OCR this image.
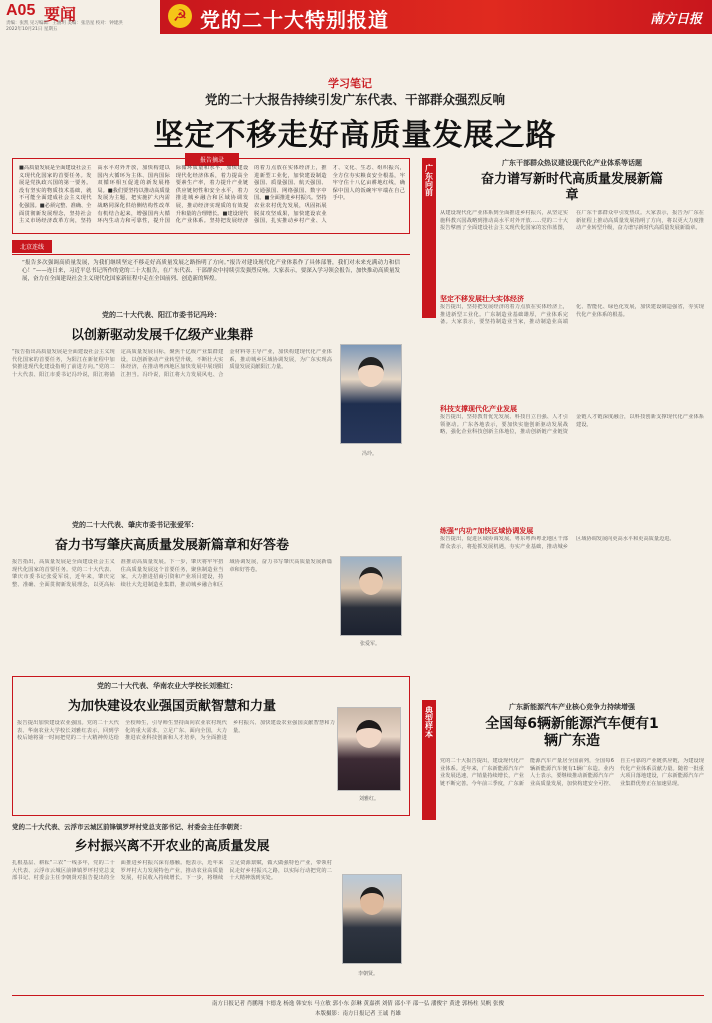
A05 要闻
责编：张凯 见习编辑：王涵玥 美编：张浩星 校对：钟建洪
2022年10月21日 星期五
☭ 党的二十大特别报道	南方日报
学习笔记
党的二十大报告持续引发广东代表、干部群众强烈反响
坚定不移走好高质量发展之路
报告摘录
■高质量发展是全面建设社会主义现代化国家的首要任务。发展是党执政兴国的第一要务。没有坚实的物质技术基础，就不可能全面建成社会主义现代化强国。■必须完整、准确、全面贯彻新发展理念，坚持社会主义市场经济改革方向，坚持高水平对外开放，加快构建以国内大循环为主体、国内国际双循环相互促进的新发展格局。■我们要坚持以推动高质量发展为主题，把实施扩大内需战略同深化供给侧结构性改革有机结合起来，增强国内大循环内生动力和可靠性，提升国际循环质量和水平，加快建设现代化经济体系，着力提高全要素生产率，着力提升产业链供应链韧性和安全水平，着力推进城乡融合和区域协调发展，推动经济实现质的有效提升和量的合理增长。■建设现代化产业体系。坚持把发展经济的着力点放在实体经济上，推进新型工业化，加快建设制造强国、质量强国、航天强国、交通强国、网络强国、数字中国。■全面推进乡村振兴。坚持农业农村优先发展，巩固拓展脱贫攻坚成果，加快建设农业强国，扎实推动乡村产业、人才、文化、生态、组织振兴，全方位夯实粮食安全根基，牢牢守住十八亿亩耕地红线，确保中国人的饭碗牢牢端在自己手中。
广东向前
广东干部群众热议建设现代化产业体系等话题
奋力谱写新时代高质量发展新篇章
从建设现代化产业体系到全面推进乡村振兴，从坚定实施科教兴国战略到推动高水平对外开放……党的二十大报告擘画了全面建设社会主义现代化国家的宏伟蓝图，在广东干部群众中引发热议。大家表示，报告为广东在新征程上推动高质量发展指明了方向，将以更大力度推动产业转型升级，奋力谱写新时代高质量发展新篇章。
坚定不移发展壮大实体经济
报告提出，坚持把发展经济的着力点放在实体经济上，推进新型工业化。广东制造业基础雄厚，产业体系完备。大家表示，要坚持制造业当家，推动制造业高端化、智能化、绿色化发展，加快建设制造强省，夯实现代化产业体系的根基。
科技支撑现代化产业发展
报告提出，坚持教育优先发展、科技自立自强、人才引领驱动。广东各地表示，要加快实施创新驱动发展战略，强化企业科技创新主体地位，推动创新链产业链资金链人才链深度融合，以科技创新支撑现代化产业体系建设。
练强“内功”加快区域协调发展
报告提出，促进区域协调发展。粤东粤西粤北地区干部群众表示，将抢抓发展机遇，夯实产业基础，推动城乡区域协调发展向更高水平和更高质量迈进。
北京连线
“报告多次强调高质量发展，为我们继续坚定不移走好高质量发展之路指明了方向。”报告对建设现代化产业体系作了具体部署，我们对未来充满动力和信心！”——连日来，习近平总书记所作的党的二十大报告，在广东代表、干部群众中持续引发强烈反响。大家表示，要深入学习领会报告，加快推动高质量发展，奋力在全面建设社会主义现代化国家新征程中走在全国前列、创造新的辉煌。
党的二十大代表、阳江市委书记冯玲：
以创新驱动发展千亿级产业集群
“报告指出高质量发展是全面建设社会主义现代化国家的首要任务，为阳江在新征程中加快推进现代化建设指明了前进方向。”党的二十大代表、阳江市委书记冯玲说，阳江将锚定高质量发展目标，聚焦千亿级产业集群建设，以创新驱动产业转型升级，不断壮大实体经济，在推动粤西地区加快发展中展现阳江担当。冯玲说，阳江将大力发展风电、合金材料等主导产业，加快构建现代化产业体系，推动城乡区域协调发展，为广东实现高质量发展贡献阳江力量。
冯玲。
党的二十大代表、肇庆市委书记张爱军：
奋力书写肇庆高质量发展新篇章和好答卷
报告指出，高质量发展是全面建设社会主义现代化国家的首要任务。党的二十大代表、肇庆市委书记张爱军说，近年来，肇庆完整、准确、全面贯彻新发展理念，以更高标准推动高质量发展。下一步，肇庆将牢牢扭住高质量发展这个首要任务，聚焦制造业当家，大力推进招商引资和产业项目建设，持续壮大先进制造业集群，推动城乡融合和区域协调发展，奋力书写肇庆高质量发展新篇章和好答卷。
张爱军。
党的二十大代表、华南农业大学校长刘雅红：
为加快建设农业强国贡献智慧和力量
报告提出加快建设农业强国。党的二十大代表、华南农业大学校长刘雅红表示，回到学校后她将第一时间把党的二十大精神传达给全校师生，引导师生坚持面向农业农村现代化的重大需求，立足广东、面向全国，大力推进农业科技创新和人才培养，为全面推进乡村振兴、加快建设农业强国贡献智慧和力量。
刘雅红。
典型样本	广东新能源汽车产业核心竞争力持续增强
全国每6辆新能源汽车便有1辆广东造
党的二十大报告提出，建设现代化产业体系。近年来，广东新能源汽车产业发展迅速，产销量持续增长，产业链不断完善。今年前三季度，广东新能源汽车产量居全国前列，全国每6辆新能源汽车便有1辆广东造。业内人士表示，要继续推动新能源汽车产业高质量发展，加快构建安全可控、自主可靠的产业链供应链，为建设现代化产业体系贡献力量。随着一批重大项目落地建设，广东新能源汽车产业集群优势正在加速显现。
党的二十大代表、云浮市云城区前锋镇罗坪村党总支部书记、村委会主任李朝贤：
乡村振兴离不开农业的高质量发展
扎根基层、耕耘“三农”一线多年，党的二十大代表、云浮市云城区前锋镇罗坪村党总支部书记、村委会主任李朝贤对报告提出的全面推进乡村振兴深有感触。他表示，近年来罗坪村大力发展特色产业，推动农业高质量发展，村民收入持续增长。下一步，将继续立足资源禀赋，做大做强特色产业，带领村民走好乡村振兴之路，以实际行动把党的二十大精神落到实处。
李朝贤。
南方日报记者 肖鹏翔 卞德龙 杨逸 韩安东 马立敏 郭小东 彭琳 黄嘉祺 刘倩 邵小平 邵一弘 潘俊宇 黄进 郭杨柱 吴帆 张俊
本版摄影：南方日报记者 王诚 肖雄
